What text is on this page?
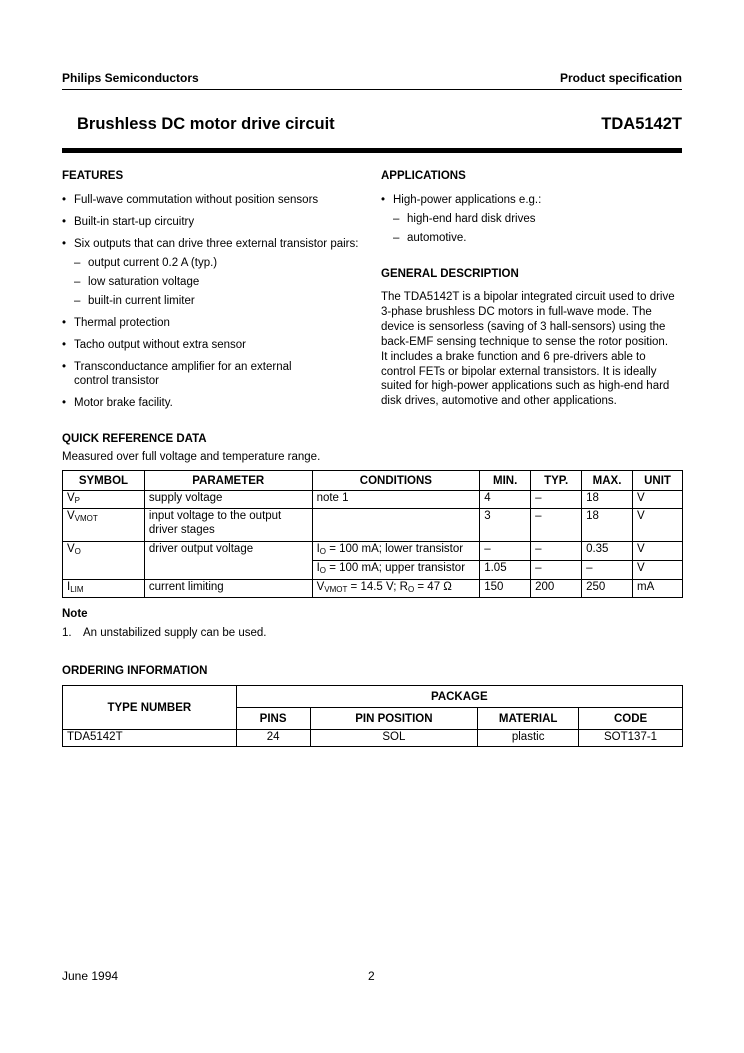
Philips Semiconductors	Product specification
Brushless DC motor drive circuit	TDA5142T
FEATURES
• Full-wave commutation without position sensors
• Built-in start-up circuitry
• Six outputs that can drive three external transistor pairs:
– output current 0.2 A (typ.)
– low saturation voltage
– built-in current limiter
• Thermal protection
• Tacho output without extra sensor
• Transconductance amplifier for an external control transistor
• Motor brake facility.
APPLICATIONS
• High-power applications e.g.:
– high-end hard disk drives
– automotive.
GENERAL DESCRIPTION
The TDA5142T is a bipolar integrated circuit used to drive
3-phase brushless DC motors in full-wave mode. The
device is sensorless (saving of 3 hall-sensors) using the
back-EMF sensing technique to sense the rotor position.
It includes a brake function and 6 pre-drivers able to
control FETs or bipolar external transistors. It is ideally
suited for high-power applications such as high-end hard
disk drives, automotive and other applications.
QUICK REFERENCE DATA
Measured over full voltage and temperature range.
SYMBOL	PARAMETER	CONDITIONS	MIN.	TYP.	MAX.	UNIT
$V_P$	supply voltage	note 1	4	–	18	V
$V_{VMOT}$	input voltage to the output driver stages		3	–	18	V
$V_O$	driver output voltage	$I_O = 100$ mA; lower transistor	–	–	0.35	V
		$I_O = 100$ mA; upper transistor	1.05	–	–	V
$I_{LIM}$	current limiting	$V_{VMOT} = 14.5$ V; $R_O = 47$ Ω	150	200	250	mA
Note
1. An unstabilized supply can be used.
ORDERING INFORMATION
TYPE NUMBER	PACKAGE			
	PINS	PIN POSITION	MATERIAL	CODE
TDA5142T	24	SOL	plastic	SOT137-1
June 1994	2
